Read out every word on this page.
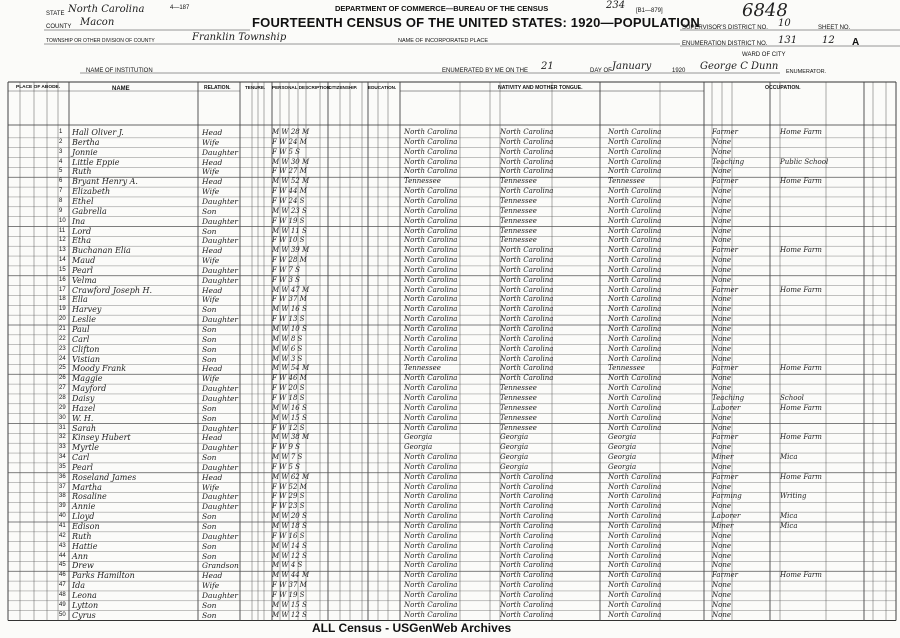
4—187	DEPARTMENT OF COMMERCE—BUREAU OF THE CENSUS	234 [B1—879]
FOURTEENTH CENSUS OF THE UNITED STATES: 1920—POPULATION
STATE North Carolina
COUNTY Macon
TOWNSHIP OR OTHER DIVISION OF COUNTY	Franklin Township	NAME OF INCORPORATED PLACE
WARD OF CITY
NAME OF INSTITUTION	ENUMERATED BY ME ON THE 21	DAY OF January	1920 George C Dunn ENUMERATOR.
SUPERVISOR'S DISTRICT NO. 10
ENUMERATION DISTRICT NO. 131
SHEET NO.
12 A
6848
PLACE OF ABODE.	NAME	RELATION.	TENURE. PERSONAL DESCRIPTION.
CITIZENSHIP. EDUCATION.	NATIVITY AND MOTHER TONGUE.	OCCUPATION.
1 Hall Oliver J.	Head	M W 28 M	North Carolina	North Carolina	North Carolina	Farmer	Home Farm
2 Bertha	Wife	F W 24 M	North Carolina	North Carolina	North Carolina	None
3 Jonnie	Daughter	F W 5 S	North Carolina	North Carolina	North Carolina	None
4 Little Eppie	Head	M W 30 M	North Carolina	North Carolina	North Carolina	Teaching	Public School
5 Ruth	Wife	F W 27 M	North Carolina	North Carolina	North Carolina	None
6 Bryant Henry A.	Head	M W 52 M	Tennessee	Tennessee	Tennessee	Farmer	Home Farm
7 Elizabeth	Wife	F W 44 M	North Carolina	North Carolina	North Carolina	None
8 Ethel	Daughter	F W 24 S	North Carolina	Tennessee	North Carolina	None
9 Gabrella	Son	M W 23 S	North Carolina	Tennessee	North Carolina	None
10 Ina	Daughter	F W 19 S	North Carolina	Tennessee	North Carolina	None
11 Lord	Son	M W 11 S	North Carolina	Tennessee	North Carolina	None
12 Etha	Daughter	F W 10 S	North Carolina	Tennessee	North Carolina	None
13 Buchanan Elia	Head	M W 39 M	North Carolina	North Carolina	North Carolina	Farmer	Home Farm
14 Maud	Wife	F W 28 M	North Carolina	North Carolina	North Carolina	None
15 Pearl	Daughter	F W 7 S	North Carolina	North Carolina	North Carolina	None
16 Velma	Daughter	F W 3 S	North Carolina	North Carolina	North Carolina	None
17 Crawford Joseph H.	Head	M W 47 M	North Carolina	North Carolina	North Carolina	Farmer	Home Farm
18 Ella	Wife	F W 37 M	North Carolina	North Carolina	North Carolina	None
19 Harvey	Son	M W 16 S	North Carolina	North Carolina	North Carolina	None
20 Leslie	Daughter	F W 13 S	North Carolina	North Carolina	North Carolina	None
21 Paul	Son	M W 10 S	North Carolina	North Carolina	North Carolina	None
22 Carl	Son	M W 8 S	North Carolina	North Carolina	North Carolina	None
23 Clifton	Son	M W 6 S	North Carolina	North Carolina	North Carolina	None
24 Vistian	Son	M W 3 S	North Carolina	North Carolina	North Carolina	None
25 Moody Frank	Head	M W 54 M	Tennessee	North Carolina	Tennessee	Farmer	Home Farm
26 Maggie	Wife	F W 46 M	North Carolina	North Carolina	North Carolina	None
27 Mayford	Daughter	F W 20 S	North Carolina	Tennessee	North Carolina	None
28 Daisy	Daughter	F W 18 S	North Carolina	Tennessee	North Carolina	Teaching	School
29 Hazel	Son	M W 16 S	North Carolina	Tennessee	North Carolina	Laborer	Home Farm
30 W. H.	Son	M W 15 S	North Carolina	Tennessee	North Carolina	None
31 Sarah	Daughter	F W 12 S	North Carolina	Tennessee	North Carolina	None
32 Kinsey Hubert	Head	M W 38 M	Georgia	Georgia	Georgia	Farmer	Home Farm
33 Myrtle	Daughter	F W 9 S	Georgia	Georgia	Georgia	None
34 Carl	Son	M W 7 S	North Carolina	Georgia	Georgia	Miner	Mica
35 Pearl	Daughter	F W 5 S	North Carolina	Georgia	Georgia	None
36 Roseland James	Head	M W 62 M	North Carolina	North Carolina	North Carolina	Farmer	Home Farm
37 Martha	Wife	F W 52 M	North Carolina	North Carolina	North Carolina	None
38 Rosaline	Daughter	F W 29 S	North Carolina	North Carolina	North Carolina	Farming	Writing
39 Annie	Daughter	F W 23 S	North Carolina	North Carolina	North Carolina	None
40 Lloyd	Son	M W 20 S	North Carolina	North Carolina	North Carolina	Laborer	Mica
41 Edison	Son	M W 18 S	North Carolina	North Carolina	North Carolina	Miner	Mica
42 Ruth	Daughter	F W 16 S	North Carolina	North Carolina	North Carolina	None
43 Hattie	Son	M W 14 S	North Carolina	North Carolina	North Carolina	None
44 Ann	Son	M W 12 S	North Carolina	North Carolina	North Carolina	None
45 Drew	Grandson	M W 4 S	North Carolina	North Carolina	North Carolina	None
46 Parks Hamilton	Head	M W 44 M	North Carolina	North Carolina	North Carolina	Farmer	Home Farm
47 Ida	Wife	F W 37 M	North Carolina	North Carolina	North Carolina	None
48 Leona	Daughter	F W 19 S	North Carolina	North Carolina	North Carolina	None
49 Lytton	Son	M W 15 S	North Carolina	North Carolina	North Carolina	None
50 Cyrus	Son	M W 12 S	North Carolina	North Carolina	North Carolina	None
ALL Census - USGenWeb Archives
